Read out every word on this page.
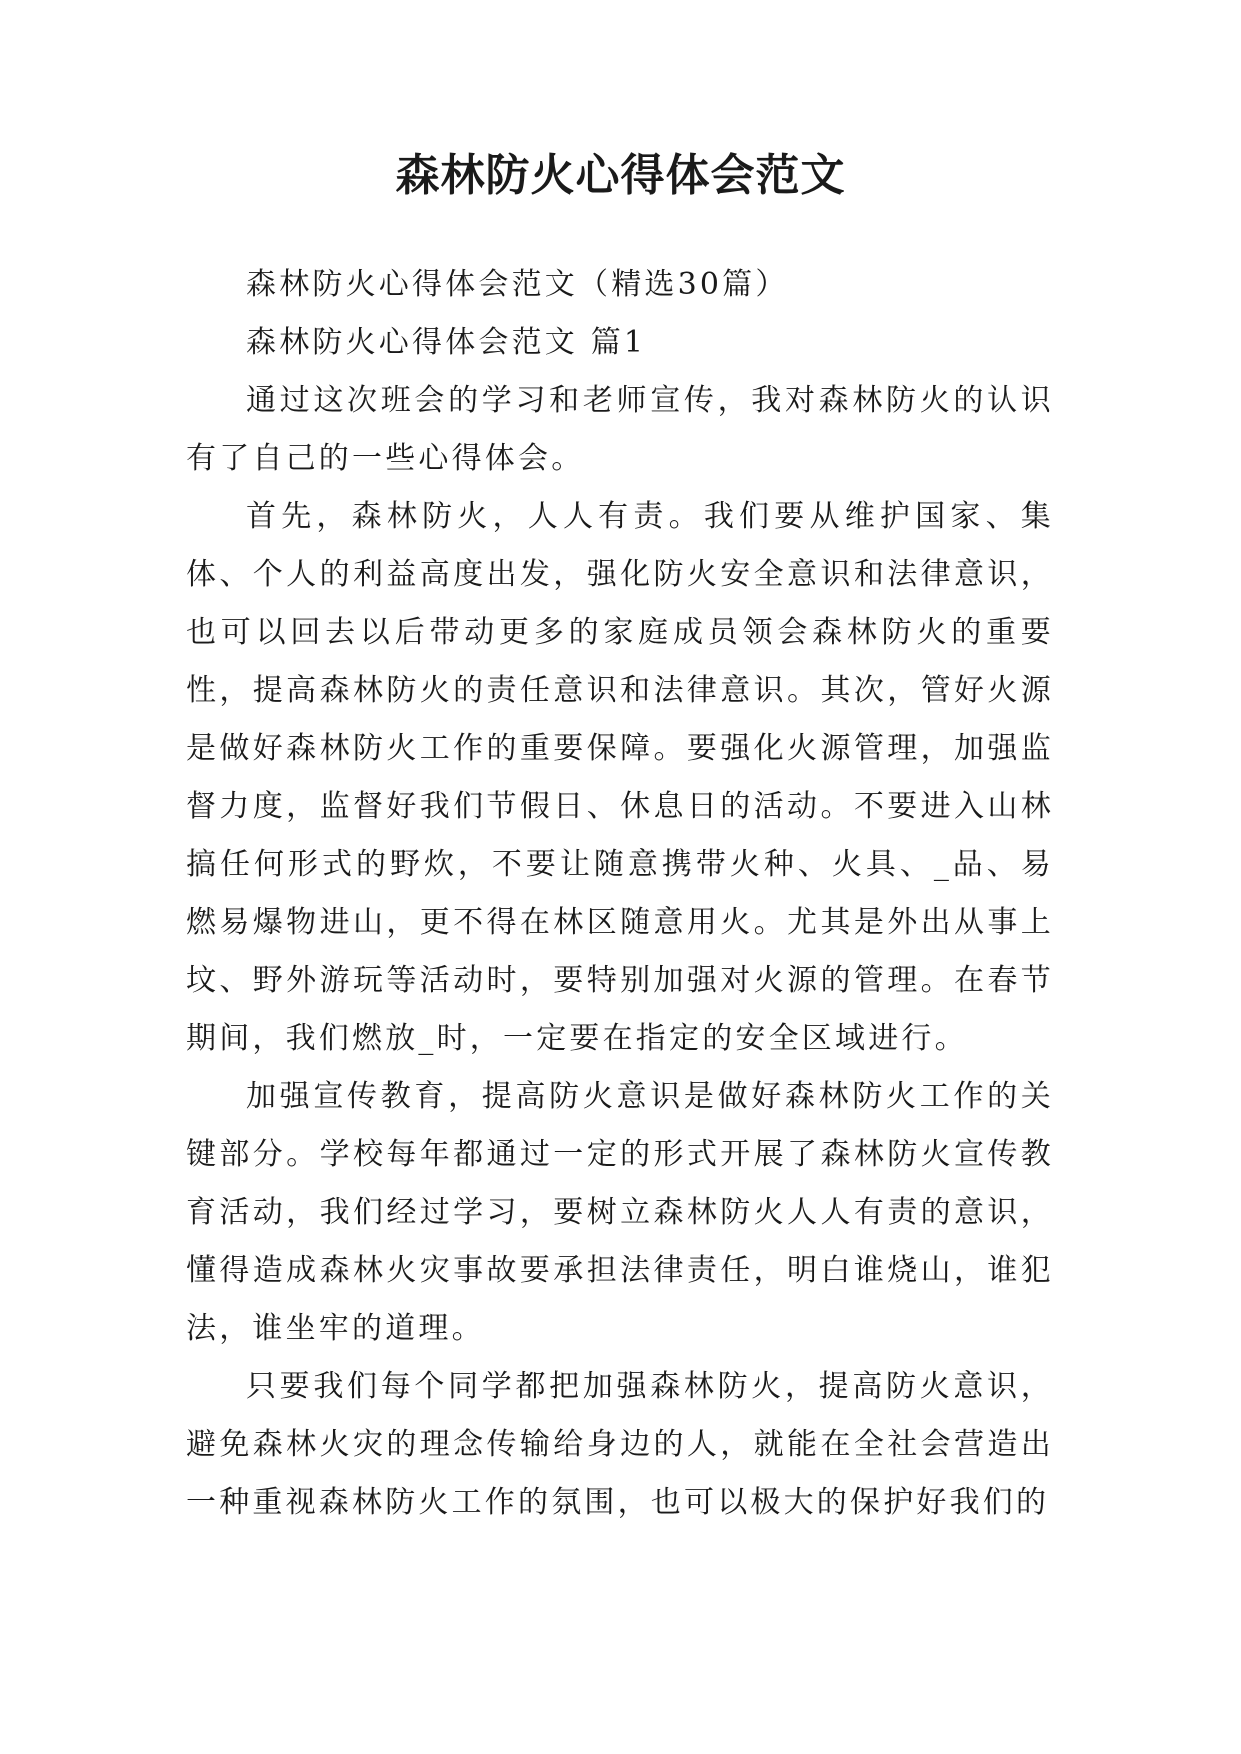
森林防火心得体会范文

森林防火心得体会范文（精选30篇）

森林防火心得体会范文 篇1

通过这次班会的学习和老师宣传，我对森林防火的认识有了自己的一些心得体会。

首先，森林防火，人人有责。我们要从维护国家、集体、个人的利益高度出发，强化防火安全意识和法律意识，也可以回去以后带动更多的家庭成员领会森林防火的重要性，提高森林防火的责任意识和法律意识。其次，管好火源是做好森林防火工作的重要保障。要强化火源管理，加强监督力度，监督好我们节假日、休息日的活动。不要进入山林搞任何形式的野炊，不要让随意携带火种、火具、_品、易燃易爆物进山，更不得在林区随意用火。尤其是外出从事上坟、野外游玩等活动时，要特别加强对火源的管理。在春节期间，我们燃放_时，一定要在指定的安全区域进行。

加强宣传教育，提高防火意识是做好森林防火工作的关键部分。学校每年都通过一定的形式开展了森林防火宣传教育活动，我们经过学习，要树立森林防火人人有责的意识，懂得造成森林火灾事故要承担法律责任，明白谁烧山，谁犯法，谁坐牢的道理。

只要我们每个同学都把加强森林防火，提高防火意识，避免森林火灾的理念传输给身边的人，就能在全社会营造出一种重视森林防火工作的氛围，也可以极大的保护好我们的
